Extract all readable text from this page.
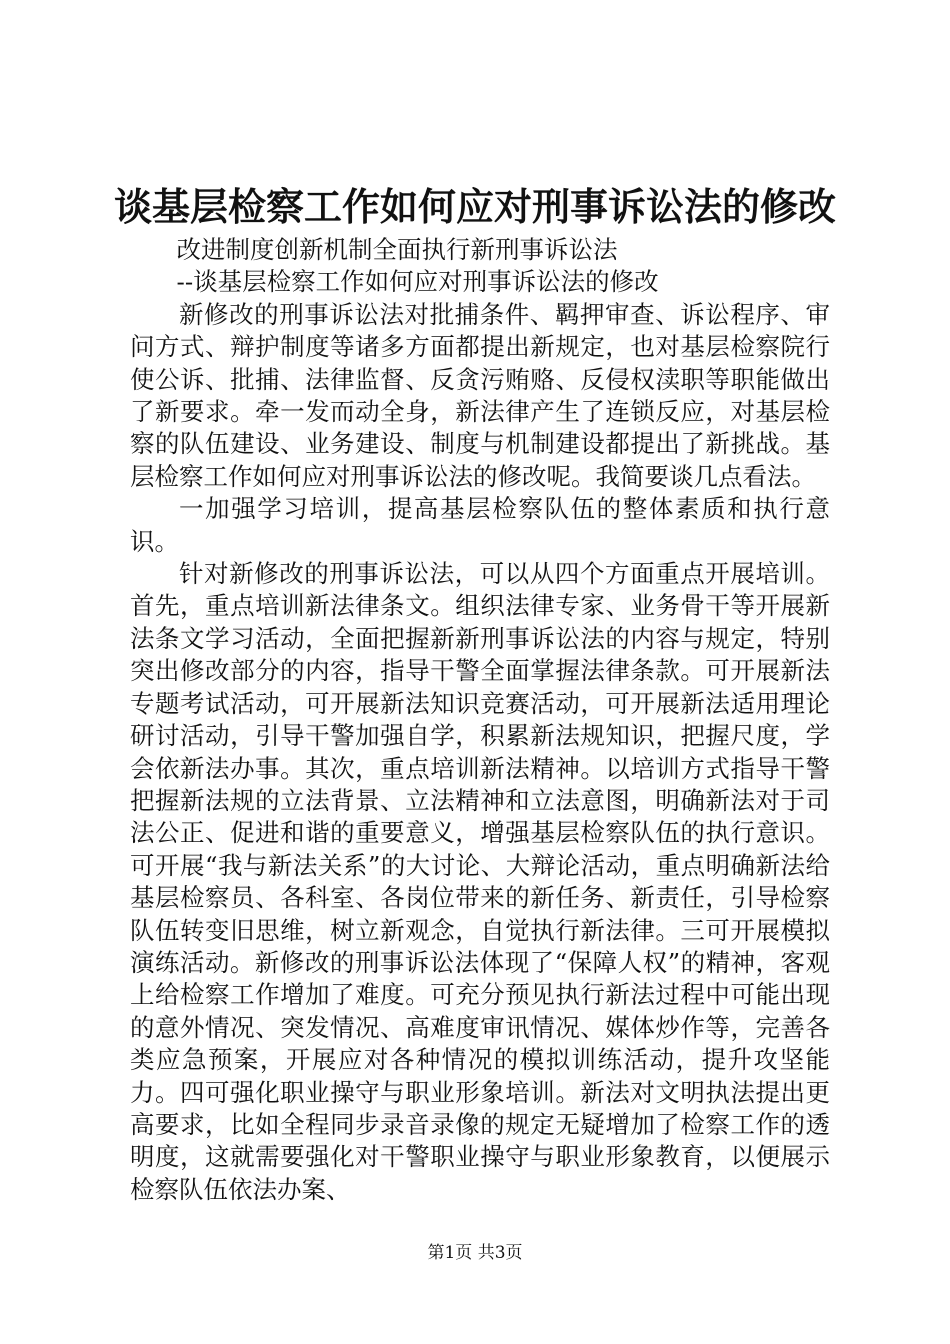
谈基层检察工作如何应对刑事诉讼法的修改

改进制度创新机制全面执行新刑事诉讼法

--谈基层检察工作如何应对刑事诉讼法的修改

新修改的刑事诉讼法对批捕条件、羁押审查、诉讼程序、审问方式、辩护制度等诸多方面都提出新规定，也对基层检察院行使公诉、批捕、法律监督、反贪污贿赂、反侵权渎职等职能做出了新要求。牵一发而动全身，新法律产生了连锁反应，对基层检察的队伍建设、业务建设、制度与机制建设都提出了新挑战。基层检察工作如何应对刑事诉讼法的修改呢。我简要谈几点看法。

一加强学习培训，提高基层检察队伍的整体素质和执行意识。

针对新修改的刑事诉讼法，可以从四个方面重点开展培训。首先，重点培训新法律条文。组织法律专家、业务骨干等开展新法条文学习活动，全面把握新新刑事诉讼法的内容与规定，特别突出修改部分的内容，指导干警全面掌握法律条款。可开展新法专题考试活动，可开展新法知识竞赛活动，可开展新法适用理论研讨活动，引导干警加强自学，积累新法规知识，把握尺度，学会依新法办事。其次，重点培训新法精神。以培训方式指导干警把握新法规的立法背景、立法精神和立法意图，明确新法对于司法公正、促进和谐的重要意义，增强基层检察队伍的执行意识。可开展“我与新法关系”的大讨论、大辩论活动，重点明确新法给基层检察员、各科室、各岗位带来的新任务、新责任，引导检察队伍转变旧思维，树立新观念，自觉执行新法律。三可开展模拟演练活动。新修改的刑事诉讼法体现了“保障人权”的精神，客观上给检察工作增加了难度。可充分预见执行新法过程中可能出现的意外情况、突发情况、高难度审讯情况、媒体炒作等，完善各类应急预案，开展应对各种情况的模拟训练活动，提升攻坚能力。四可强化职业操守与职业形象培训。新法对文明执法提出更高要求，比如全程同步录音录像的规定无疑增加了检察工作的透明度，这就需要强化对干警职业操守与职业形象教育，以便展示检察队伍依法办案、

第1页 共3页
